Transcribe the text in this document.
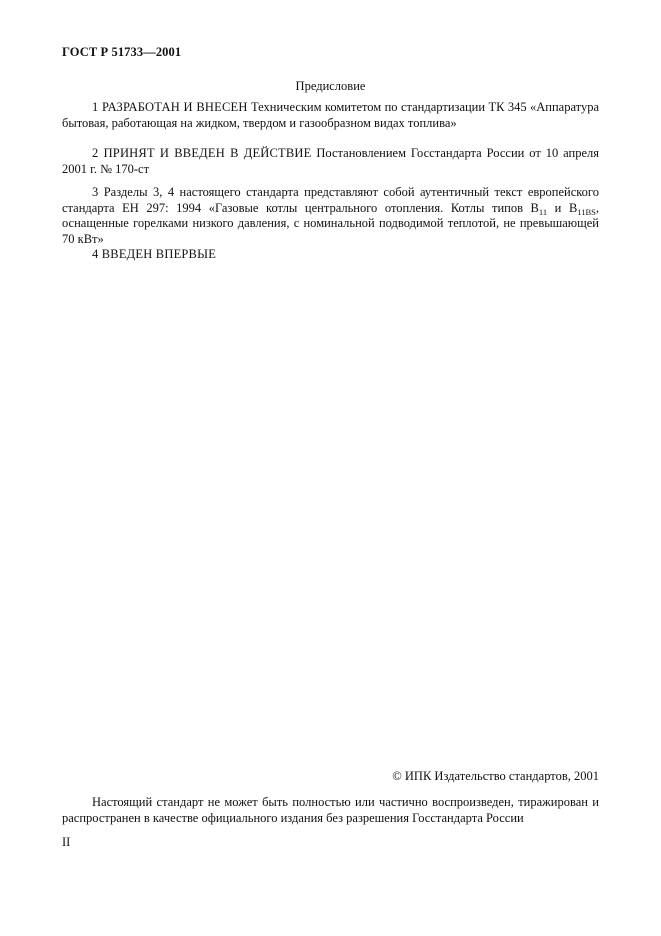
ГОСТ Р 51733—2001
Предисловие
1 РАЗРАБОТАН И ВНЕСЕН Техническим комитетом по стандартизации ТК 345 «Аппаратура бытовая, работающая на жидком, твердом и газообразном видах топлива»
2 ПРИНЯТ И ВВЕДЕН В ДЕЙСТВИЕ Постановлением Госстандарта России от 10 апреля 2001 г. № 170-ст
3 Разделы 3, 4 настоящего стандарта представляют собой аутентичный текст европейского стандарта ЕН 297: 1994 «Газовые котлы центрального отопления. Котлы типов $B_{11}$ и $B_{11BS}$, оснащенные горелками низкого давления, с номинальной подводимой теплотой, не превышающей 70 кВт»
4 ВВЕДЕН ВПЕРВЫЕ
© ИПК Издательство стандартов, 2001
Настоящий стандарт не может быть полностью или частично воспроизведен, тиражирован и распространен в качестве официального издания без разрешения Госстандарта России
II
